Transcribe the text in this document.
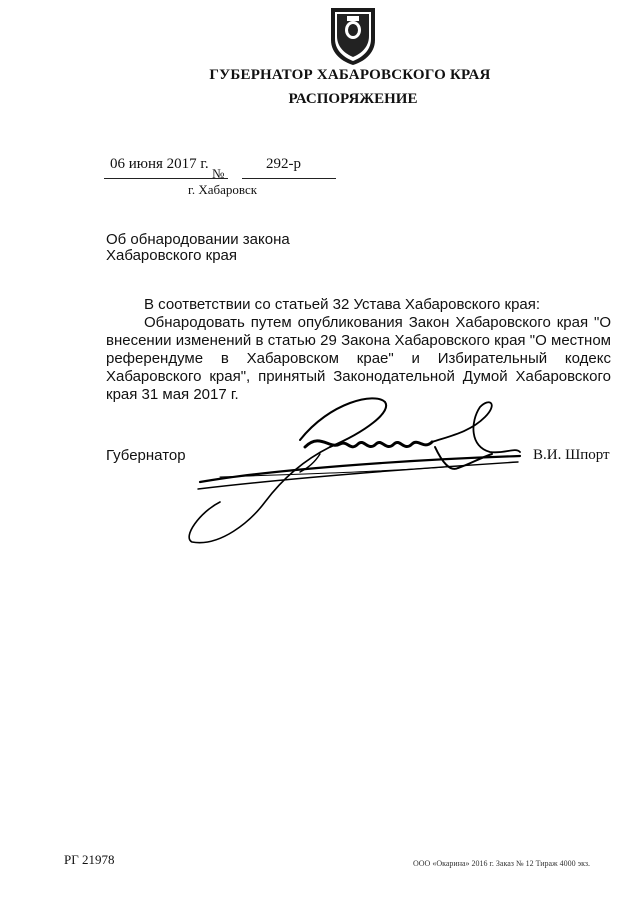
ГУБЕРНАТОР ХАБАРОВСКОГО КРАЯ
РАСПОРЯЖЕНИЕ
06 июня 2017 г.
№
292-р
г. Хабаровск
Об обнародовании закона
Хабаровского края
В соответствии со статьей 32 Устава Хабаровского края:
Обнародовать путем опубликования Закон Хабаровского края "О внесении изменений в статью 29 Закона Хабаровского края "О местном референдуме в Хабаровском крае" и Избирательный кодекс Хабаровского края", принятый Законодательной Думой Хабаровского края 31 мая 2017 г.
Губернатор	В.И. Шпорт
РГ 21978	ООО «Окарина» 2016 г. Заказ № 12 Тираж 4000 экз.
